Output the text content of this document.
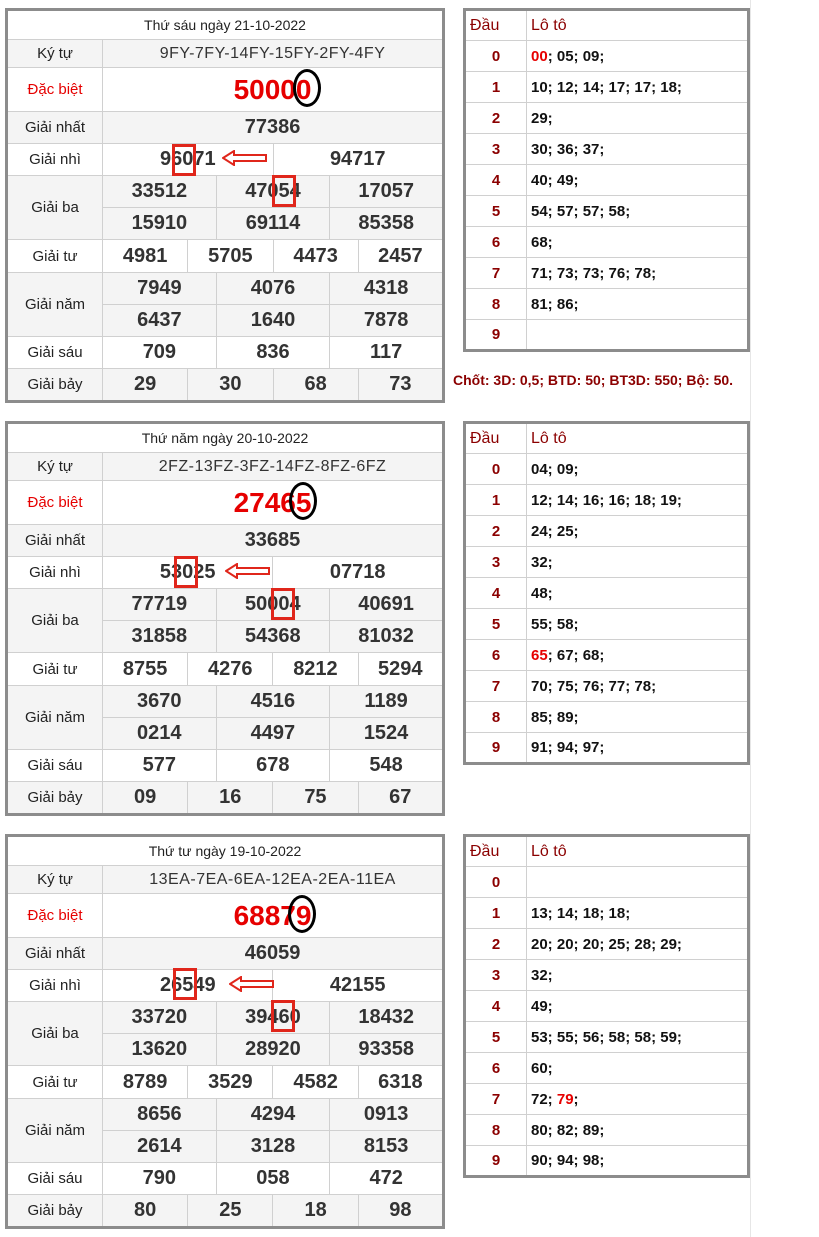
Chốt: 3D: 0,5; BTD: 50; BT3D: 550; Bộ: 50.
Thứ sáu ngày 21-10-2022						
Ký tự	9FY-7FY-14FY-15FY-2FY-4FY					
Đặc biệt	50000					
Giải nhất	77386					
Giải nhì	96071			94717		
Giải ba	33512		47054		17057	
	15910		69114		85358	
Giải tư	4981	5705		4473		2457
Giải năm	7949		4076		4318	
	6437		1640		7878	
Giải sáu	709		836		117	
Giải bảy	29	30		68		73
Thứ năm ngày 20-10-2022						
Ký tự	2FZ-13FZ-3FZ-14FZ-8FZ-6FZ					
Đặc biệt	27465					
Giải nhất	33685					
Giải nhì	53025			07718		
Giải ba	77719		50004		40691	
	31858		54368		81032	
Giải tư	8755	4276		8212		5294
Giải năm	3670		4516		1189	
	0214		4497		1524	
Giải sáu	577		678		548	
Giải bảy	09	16		75		67
Thứ tư ngày 19-10-2022						
Ký tự	13EA-7EA-6EA-12EA-2EA-11EA					
Đặc biệt	68879					
Giải nhất	46059					
Giải nhì	26549			42155		
Giải ba	33720		39460		18432	
	13620		28920		93358	
Giải tư	8789	3529		4582		6318
Giải năm	8656		4294		0913	
	2614		3128		8153	
Giải sáu	790		058		472	
Giải bảy	80	25		18		98
Đầu	Lô tô
0	00; 05; 09;
1	10; 12; 14; 17; 17; 18;
2	29;
3	30; 36; 37;
4	40; 49;
5	54; 57; 57; 58;
6	68;
7	71; 73; 73; 76; 78;
8	81; 86;
9	
Đầu	Lô tô
0	04; 09;
1	12; 14; 16; 16; 18; 19;
2	24; 25;
3	32;
4	48;
5	55; 58;
6	65; 67; 68;
7	70; 75; 76; 77; 78;
8	85; 89;
9	91; 94; 97;
Đầu	Lô tô
0	
1	13; 14; 18; 18;
2	20; 20; 20; 25; 28; 29;
3	32;
4	49;
5	53; 55; 56; 58; 58; 59;
6	60;
7	72; 79;
8	80; 82; 89;
9	90; 94; 98;
